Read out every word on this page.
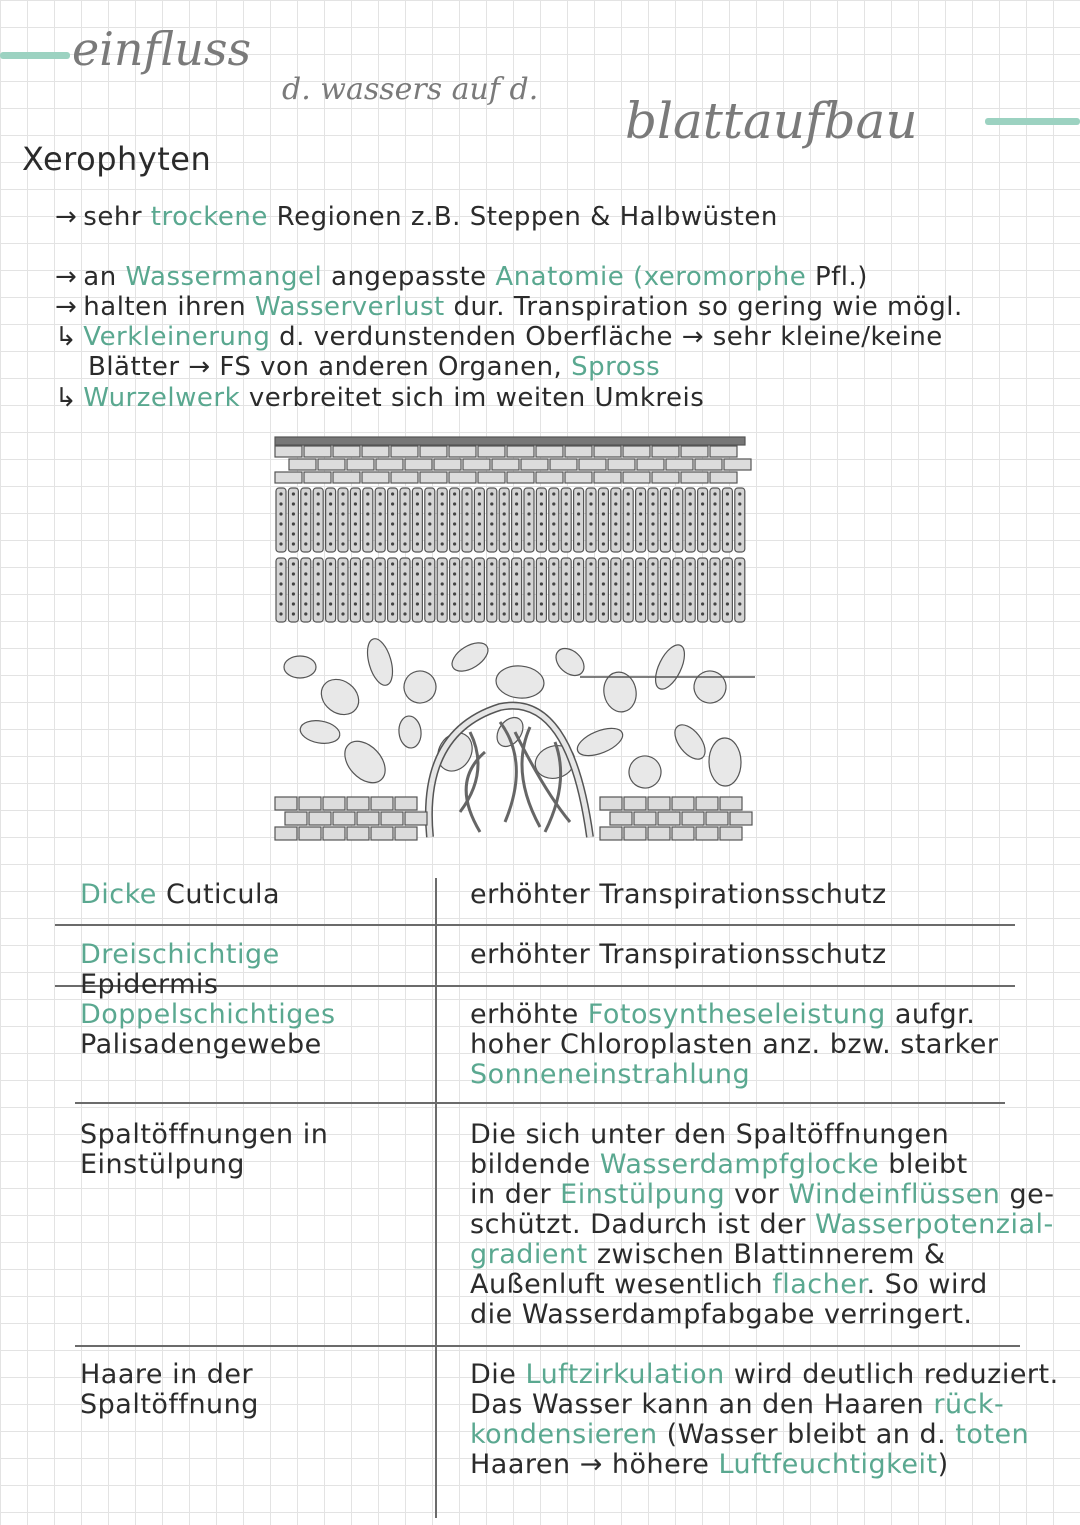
einfluss
d. wassers auf d.
blattaufbau
Xerophyten
→ sehr trockene Regionen z.B. Steppen & Halbwüsten
→ an Wassermangel angepasste Anatomie (xeromorphe Pfl.)
→ halten ihren Wasserverlust dur. Transpiration so gering wie mögl.
↳ Verkleinerung d. verdunstenden Oberfläche → sehr kleine/keine
Blätter → FS von anderen Organen, Spross
↳ Wurzelwerk verbreitet sich im weiten Umkreis
Dicke Cuticula	erhöhter Transpirationsschutz
Dreischichtige Epidermis
erhöhter Transpirationsschutz
Doppelschichtiges
Palisadengewebe
erhöhte Fotosyntheseleistung aufgr.
hoher Chloroplasten anz. bzw. starker
Sonneneinstrahlung
Spaltöffnungen in
Einstülpung
Die sich unter den Spaltöffnungen
bildende Wasserdampfglocke bleibt
in der Einstülpung vor Windeinflüssen ge-
schützt. Dadurch ist der Wasserpotenzial-
gradient zwischen Blattinnerem &
Außenluft wesentlich flacher. So wird
die Wasserdampfabgabe verringert.
Haare in der
Spaltöffnung
Die Luftzirkulation wird deutlich reduziert.
Das Wasser kann an den Haaren rück-
kondensieren (Wasser bleibt an d. toten
Haaren → höhere Luftfeuchtigkeit)
